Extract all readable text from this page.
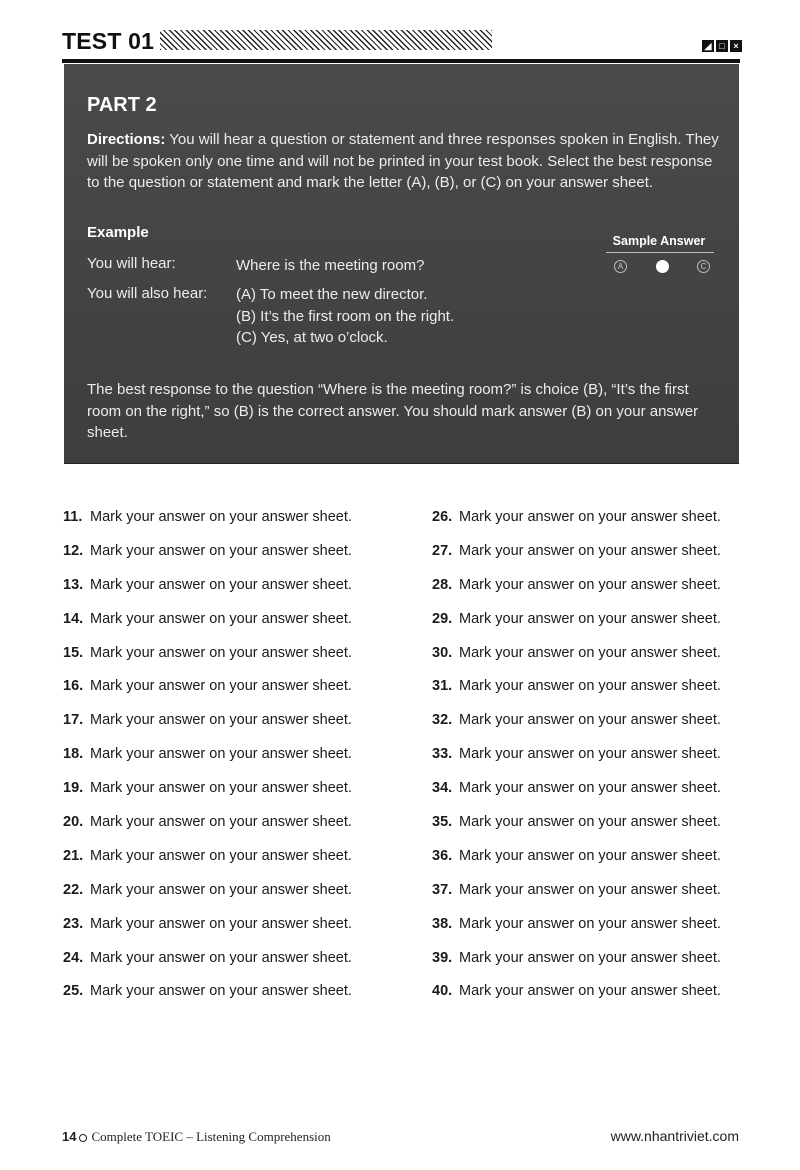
TEST 01	◢ □ ×
PART 2
Directions: You will hear a question or statement and three responses spoken in English. They
will be spoken only one time and will not be printed in your test book. Select the best response
to the question or statement and mark the letter (A), (B), or (C) on your answer sheet.
Example
You will hear:	Where is the meeting room?
You will also hear: (A) To meet the new director.
(B) It’s the first room on the right.
(C) Yes, at two o’clock.
Sample Answer
A	B	C
The best response to the question “Where is the meeting room?” is choice (B), “It’s the first
room on the right,” so (B) is the correct answer. You should mark answer (B) on your answer
sheet.
11. Mark your answer on your answer sheet.
12. Mark your answer on your answer sheet.
13. Mark your answer on your answer sheet.
14. Mark your answer on your answer sheet.
15. Mark your answer on your answer sheet.
16. Mark your answer on your answer sheet.
17. Mark your answer on your answer sheet.
18. Mark your answer on your answer sheet.
19. Mark your answer on your answer sheet.
20. Mark your answer on your answer sheet.
21. Mark your answer on your answer sheet.
22. Mark your answer on your answer sheet.
23. Mark your answer on your answer sheet.
24. Mark your answer on your answer sheet.
25. Mark your answer on your answer sheet.
26. Mark your answer on your answer sheet.
27. Mark your answer on your answer sheet.
28. Mark your answer on your answer sheet.
29. Mark your answer on your answer sheet.
30. Mark your answer on your answer sheet.
31. Mark your answer on your answer sheet.
32. Mark your answer on your answer sheet.
33. Mark your answer on your answer sheet.
34. Mark your answer on your answer sheet.
35. Mark your answer on your answer sheet.
36. Mark your answer on your answer sheet.
37. Mark your answer on your answer sheet.
38. Mark your answer on your answer sheet.
39. Mark your answer on your answer sheet.
40. Mark your answer on your answer sheet.
14 Complete TOEIC – Listening Comprehension	www.nhantriviet.com
